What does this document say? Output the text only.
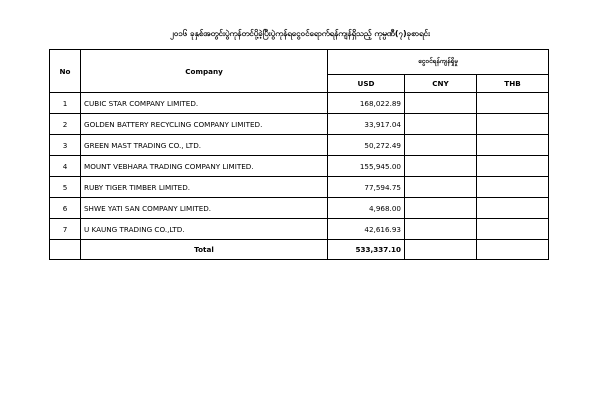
၂၀၁၆ ခုနှစ်အတွင်းပွဲကုန်တင်ပို့ခဲ့ပြီးပွဲကုန်ရငွေဝင်ရောက်ရန်ကျန်ရှိသည့် ကုမ္ပဏီ(၇)ခုစာရင်း
No	Company	ငွေဝင်ရန်ကျန်ရှိမှု		
		USD	CNY	THB
1	CUBIC STAR COMPANY LIMITED.	168,022.89		
2	GOLDEN BATTERY RECYCLING COMPANY LIMITED.	33,917.04		
3	GREEN MAST TRADING CO., LTD.	50,272.49		
4	MOUNT VEBHARA TRADING COMPANY LIMITED.	155,945.00		
5	RUBY TIGER TIMBER LIMITED.	77,594.75		
6	SHWE YATI SAN COMPANY LIMITED.	4,968.00		
7	U KAUNG TRADING CO.,LTD.	42,616.93		
	Total	533,337.10		
